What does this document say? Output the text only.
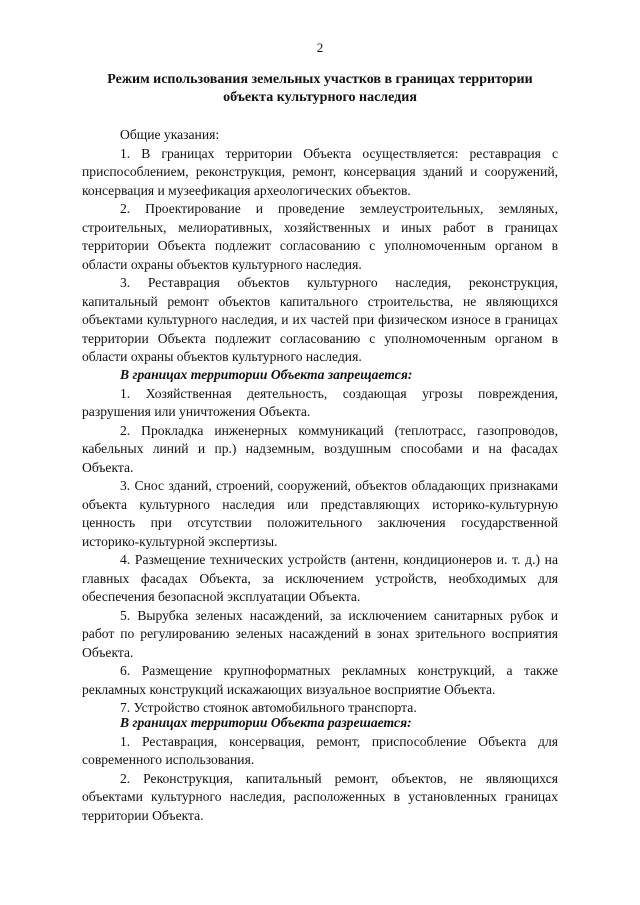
2
Режим использования земельных участков в границах территории объекта культурного наследия

Общие указания:

1. В границах территории Объекта осуществляется: реставрация с приспособлением, реконструкция, ремонт, консервация зданий и сооружений, консервация и музеефикация археологических объектов.

2. Проектирование и проведение землеустроительных, земляных, строительных, мелиоративных, хозяйственных и иных работ в границах территории Объекта подлежит согласованию с уполномоченным органом в области охраны объектов культурного наследия.

3. Реставрация объектов культурного наследия, реконструкция, капитальный ремонт объектов капитального строительства, не являющихся объектами культурного наследия, и их частей при физическом износе в границах территории Объекта подлежит согласованию с уполномоченным органом в области охраны объектов культурного наследия.

В границах территории Объекта запрещается:

1. Хозяйственная деятельность, создающая угрозы повреждения, разрушения или уничтожения Объекта.

2. Прокладка инженерных коммуникаций (теплотрасс, газопроводов, кабельных линий и пр.) надземным, воздушным способами и на фасадах Объекта.

3. Снос зданий, строений, сооружений, объектов обладающих признаками объекта культурного наследия или представляющих историко-культурную ценность при отсутствии положительного заключения государственной историко-культурной экспертизы.

4. Размещение технических устройств (антенн, кондиционеров и. т. д.) на главных фасадах Объекта, за исключением устройств, необходимых для обеспечения безопасной эксплуатации Объекта.

5. Вырубка зеленых насаждений, за исключением санитарных рубок и работ по регулированию зеленых насаждений в зонах зрительного восприятия Объекта.

6. Размещение крупноформатных рекламных конструкций, а также рекламных конструкций искажающих визуальное восприятие Объекта.

7. Устройство стоянок автомобильного транспорта.

В границах территории Объекта разрешается:

1. Реставрация, консервация, ремонт, приспособление Объекта для современного использования.

2. Реконструкция, капитальный ремонт, объектов, не являющихся объектами культурного наследия, расположенных в установленных границах территории Объекта.
